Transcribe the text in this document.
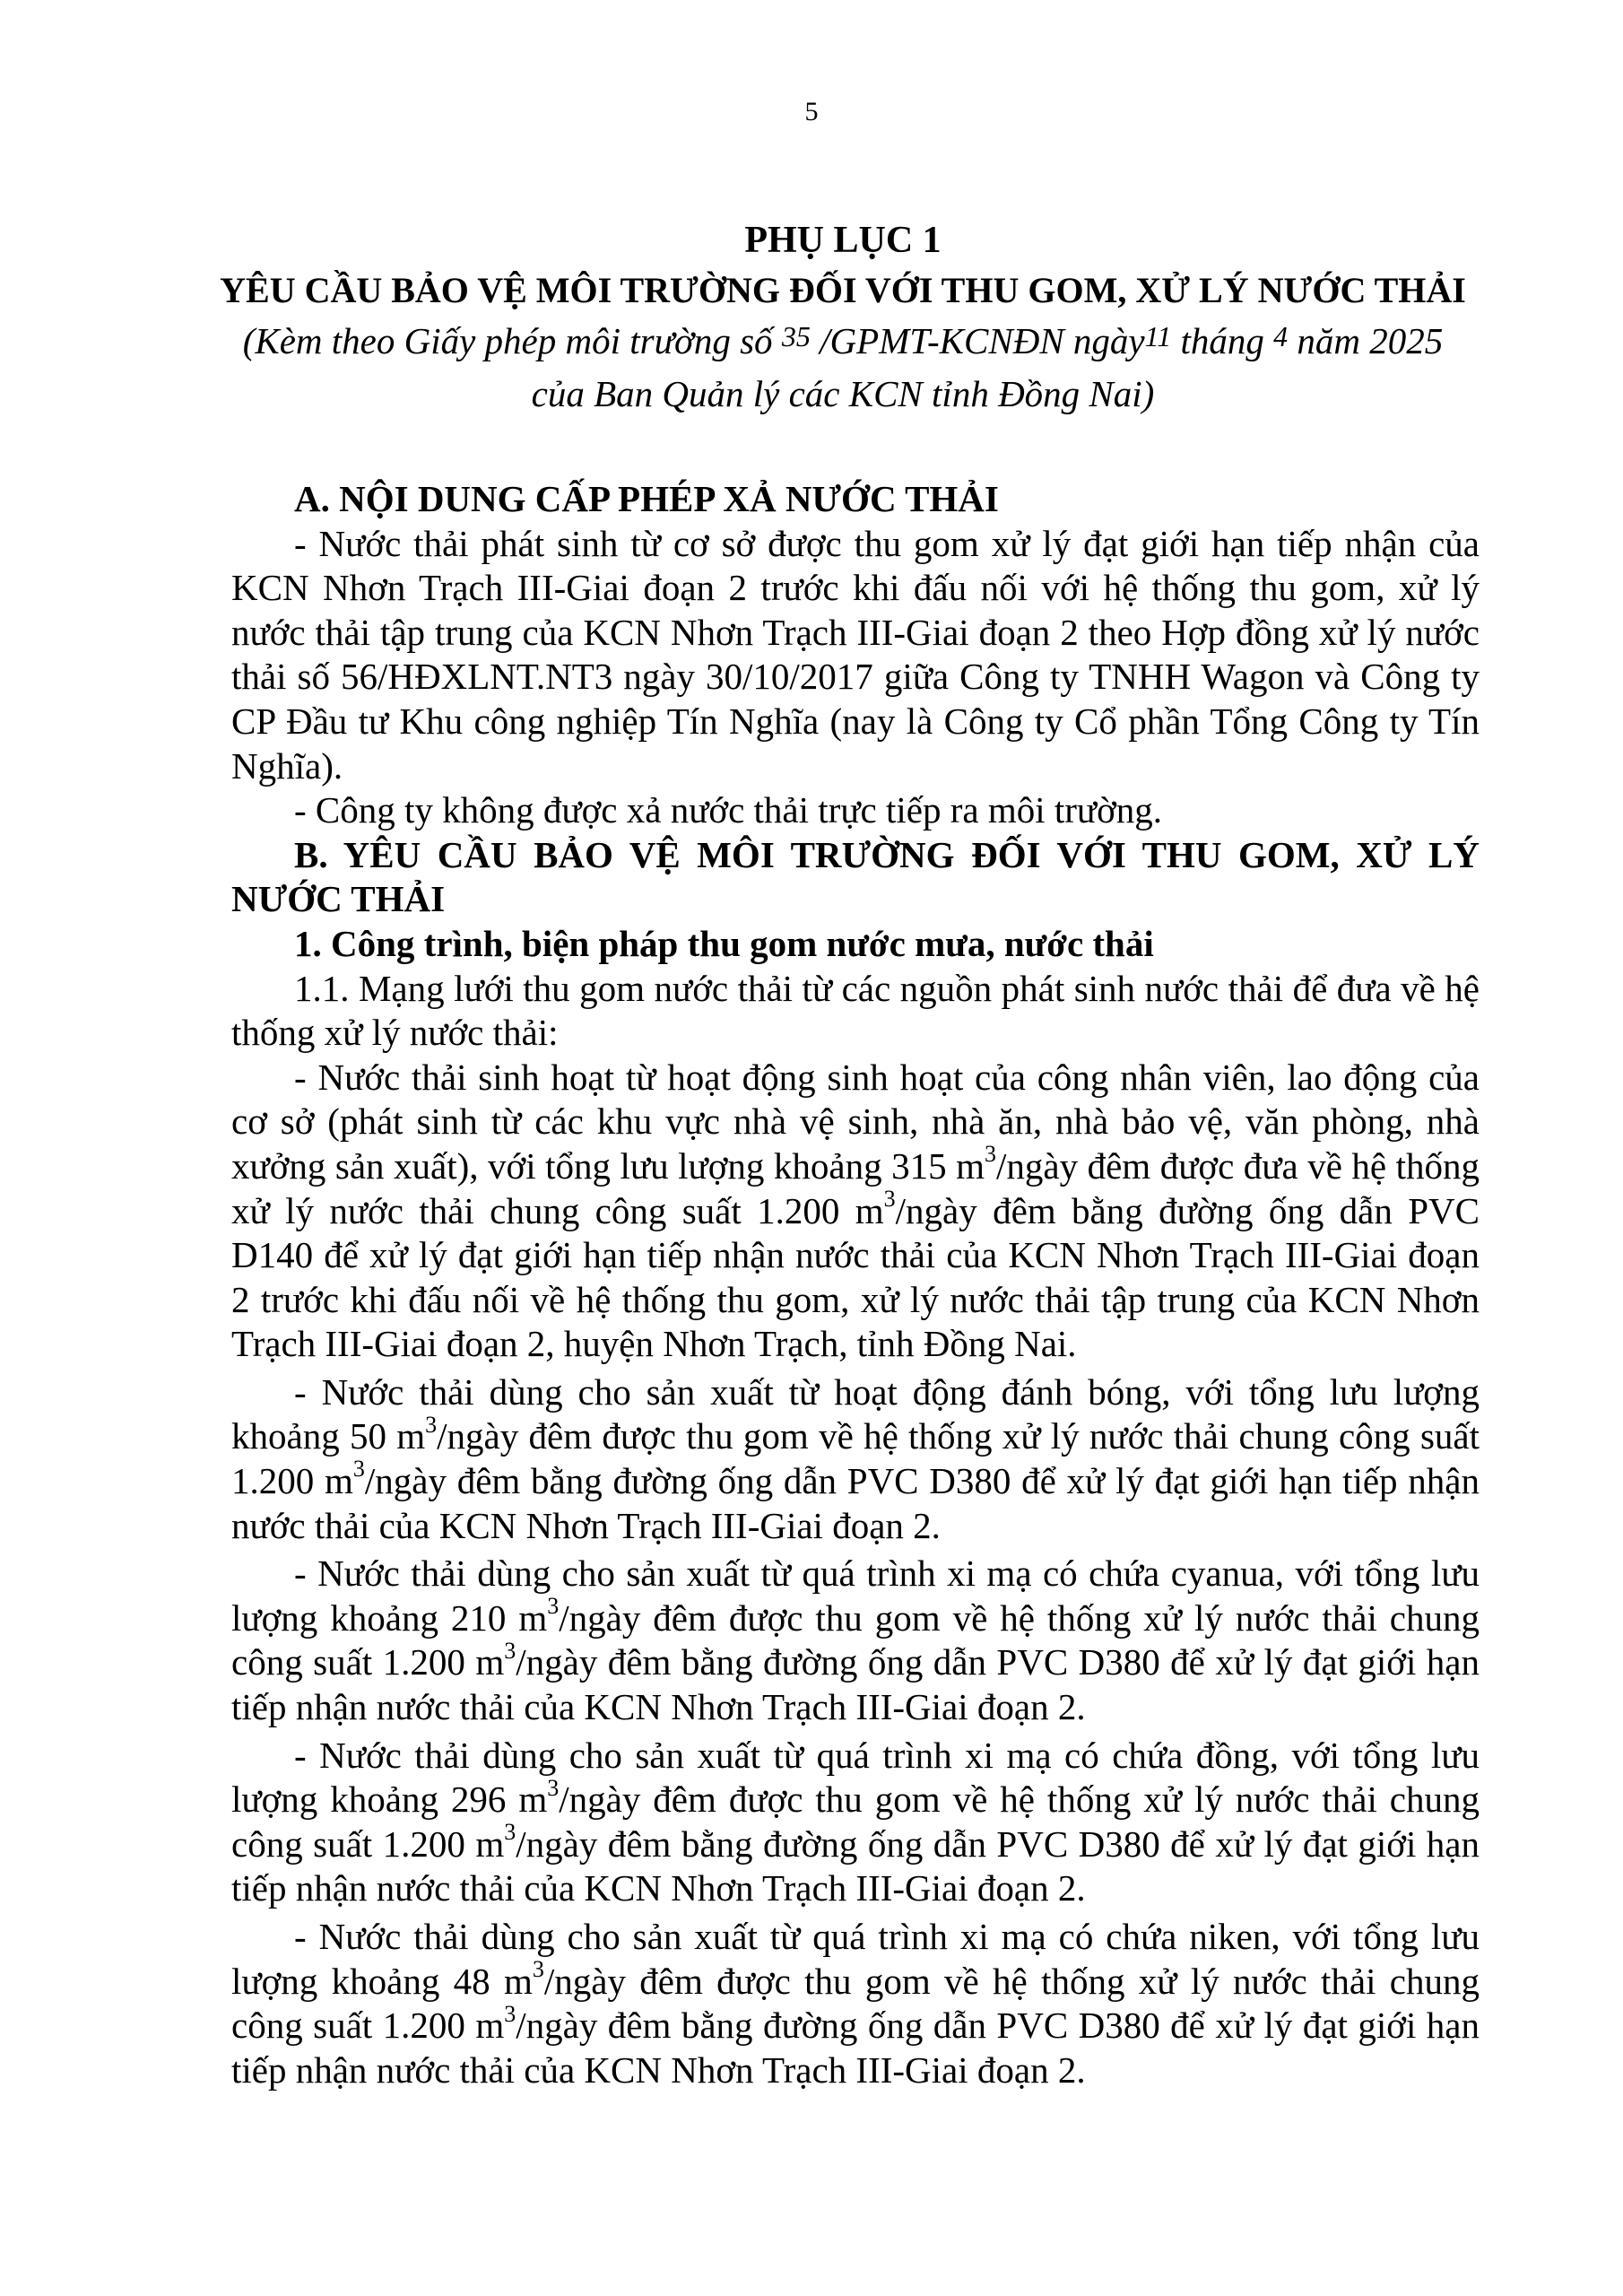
5
PHỤ LỤC 1
YÊU CẦU BẢO VỆ MÔI TRƯỜNG ĐỐI VỚI THU GOM, XỬ LÝ NƯỚC THẢI
(Kèm theo Giấy phép môi trường số 35 /GPMT-KCNĐN ngày11 tháng 4 năm 2025
của Ban Quản lý các KCN tỉnh Đồng Nai)
A. NỘI DUNG CẤP PHÉP XẢ NƯỚC THẢI

- Nước thải phát sinh từ cơ sở được thu gom xử lý đạt giới hạn tiếp nhận của KCN Nhơn Trạch III-Giai đoạn 2 trước khi đấu nối với hệ thống thu gom, xử lý nước thải tập trung của KCN Nhơn Trạch III-Giai đoạn 2 theo Hợp đồng xử lý nước thải số 56/HĐXLNT.NT3 ngày 30/10/2017 giữa Công ty TNHH Wagon và Công ty CP Đầu tư Khu công nghiệp Tín Nghĩa (nay là Công ty Cổ phần Tổng Công ty Tín Nghĩa).

- Công ty không được xả nước thải trực tiếp ra môi trường.

B. YÊU CẦU BẢO VỆ MÔI TRƯỜNG ĐỐI VỚI THU GOM, XỬ LÝ NƯỚC THẢI
1. Công trình, biện pháp thu gom nước mưa, nước thải

1.1. Mạng lưới thu gom nước thải từ các nguồn phát sinh nước thải để đưa về hệ thống xử lý nước thải:

- Nước thải sinh hoạt từ hoạt động sinh hoạt của công nhân viên, lao động của cơ sở (phát sinh từ các khu vực nhà vệ sinh, nhà ăn, nhà bảo vệ, văn phòng, nhà xưởng sản xuất), với tổng lưu lượng khoảng 315 $m^3$/ngày đêm được đưa về hệ thống xử lý nước thải chung công suất 1.200 $m^3$/ngày đêm bằng đường ống dẫn PVC D140 để xử lý đạt giới hạn tiếp nhận nước thải của KCN Nhơn Trạch III-Giai đoạn 2 trước khi đấu nối về hệ thống thu gom, xử lý nước thải tập trung của KCN Nhơn Trạch III-Giai đoạn 2, huyện Nhơn Trạch, tỉnh Đồng Nai.

- Nước thải dùng cho sản xuất từ hoạt động đánh bóng, với tổng lưu lượng khoảng 50 $m^3$/ngày đêm được thu gom về hệ thống xử lý nước thải chung công suất 1.200 $m^3$/ngày đêm bằng đường ống dẫn PVC D380 để xử lý đạt giới hạn tiếp nhận nước thải của KCN Nhơn Trạch III-Giai đoạn 2.

- Nước thải dùng cho sản xuất từ quá trình xi mạ có chứa cyanua, với tổng lưu lượng khoảng 210 $m^3$/ngày đêm được thu gom về hệ thống xử lý nước thải chung công suất 1.200 $m^3$/ngày đêm bằng đường ống dẫn PVC D380 để xử lý đạt giới hạn tiếp nhận nước thải của KCN Nhơn Trạch III-Giai đoạn 2.

- Nước thải dùng cho sản xuất từ quá trình xi mạ có chứa đồng, với tổng lưu lượng khoảng 296 $m^3$/ngày đêm được thu gom về hệ thống xử lý nước thải chung công suất 1.200 $m^3$/ngày đêm bằng đường ống dẫn PVC D380 để xử lý đạt giới hạn tiếp nhận nước thải của KCN Nhơn Trạch III-Giai đoạn 2.

- Nước thải dùng cho sản xuất từ quá trình xi mạ có chứa niken, với tổng lưu lượng khoảng 48 $m^3$/ngày đêm được thu gom về hệ thống xử lý nước thải chung công suất 1.200 $m^3$/ngày đêm bằng đường ống dẫn PVC D380 để xử lý đạt giới hạn tiếp nhận nước thải của KCN Nhơn Trạch III-Giai đoạn 2.
